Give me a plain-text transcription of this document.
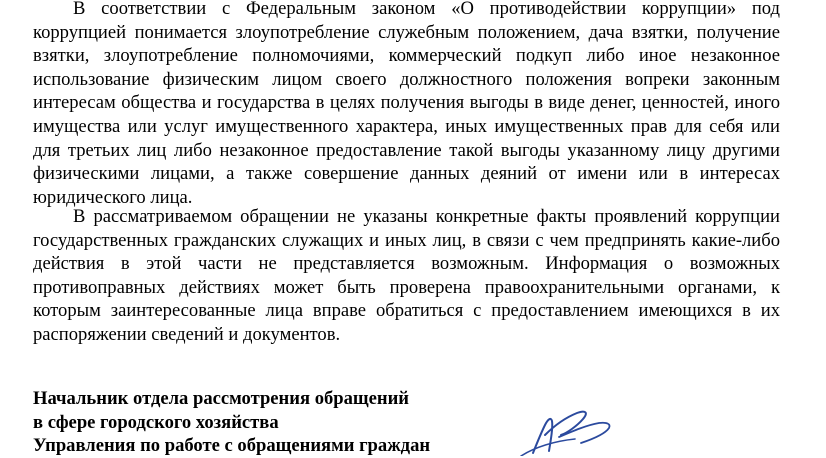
В соответствии с Федеральным законом «О противодействии коррупции» под коррупцией понимается злоупотребление служебным положением, дача взятки, получение взятки, злоупотребление полномочиями, коммерческий подкуп либо иное незаконное использование физическим лицом своего должностного положения вопреки законным интересам общества и государства в целях получения выгоды в виде денег, ценностей, иного имущества или услуг имущественного характера, иных имущественных прав для себя или для третьих лиц либо незаконное предоставление такой выгоды указанному лицу другими физическими лицами, а также совершение данных деяний от имени или в интересах юридического лица.

В рассматриваемом обращении не указаны конкретные факты проявлений коррупции государственных гражданских служащих и иных лиц, в связи с чем предпринять какие-либо действия в этой части не представляется возможным. Информация о возможных противоправных действиях может быть проверена правоохранительными органами, к которым заинтересованные лица вправе обратиться с предоставлением имеющихся в их распоряжении сведений и документов.

Начальник отдела рассмотрения обращений
в сфере городского хозяйства
Управления по работе с обращениями граждан
